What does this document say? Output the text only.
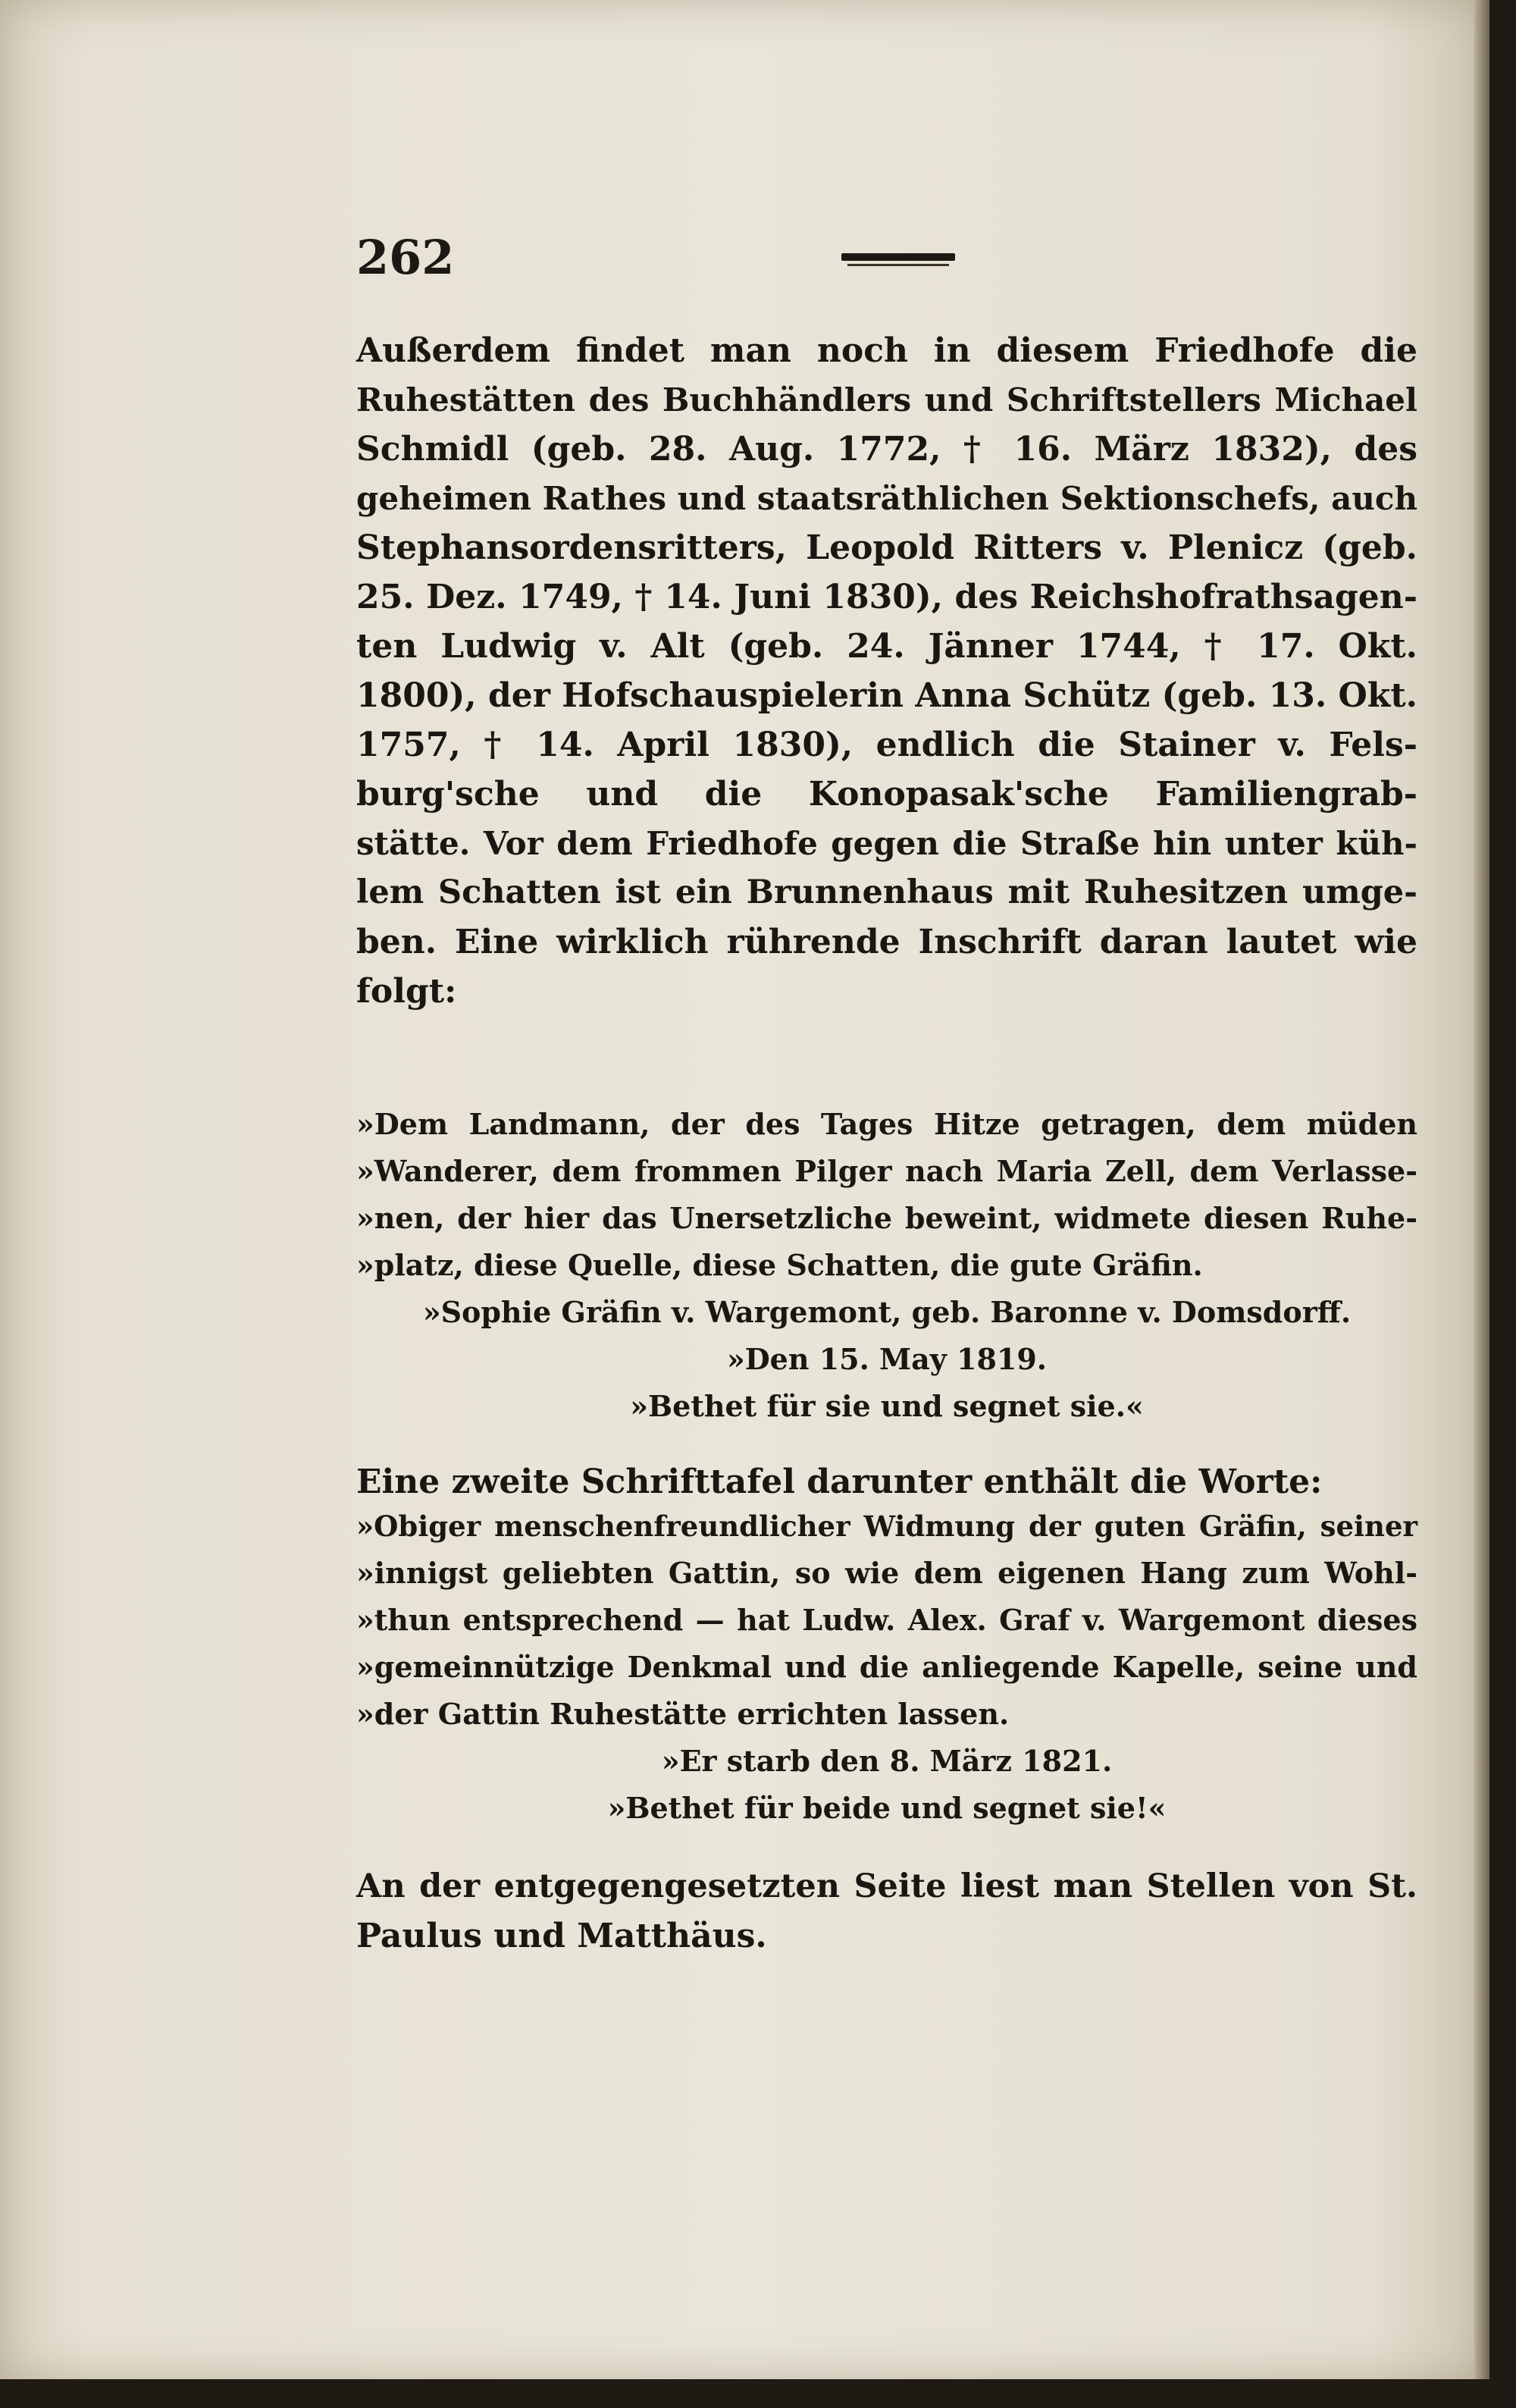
262
Außerdem findet man noch in diesem Friedhofe die
Ruhestätten des Buchhändlers und Schriftstellers Michael
Schmidl (geb. 28. Aug. 1772, † 16. März 1832), des
geheimen Rathes und staatsräthlichen Sektionschefs, auch
Stephansordensritters, Leopold Ritters v. Plenicz (geb.
25. Dez. 1749, † 14. Juni 1830), des Reichshofrathsagen-
ten Ludwig v. Alt (geb. 24. Jänner 1744, † 17. Okt.
1800), der Hofschauspielerin Anna Schütz (geb. 13. Okt.
1757, † 14. April 1830), endlich die Stainer v. Fels-
burg'sche und die Konopasak'sche Familiengrab-
stätte. Vor dem Friedhofe gegen die Straße hin unter küh-
lem Schatten ist ein Brunnenhaus mit Ruhesitzen umge-
ben. Eine wirklich rührende Inschrift daran lautet wie
folgt:
»Dem Landmann, der des Tages Hitze getragen, dem müden
»Wanderer, dem frommen Pilger nach Maria Zell, dem Verlasse-
»nen, der hier das Unersetzliche beweint, widmete diesen Ruhe-
»platz, diese Quelle, diese Schatten, die gute Gräfin.
»Sophie Gräfin v. Wargemont, geb. Baronne v. Domsdorff.
»Den 15. May 1819.
»Bethet für sie und segnet sie.«
Eine zweite Schrifttafel darunter enthält die Worte:
»Obiger menschenfreundlicher Widmung der guten Gräfin, seiner
»innigst geliebten Gattin, so wie dem eigenen Hang zum Wohl-
»thun entsprechend — hat Ludw. Alex. Graf v. Wargemont dieses
»gemeinnützige Denkmal und die anliegende Kapelle, seine und
»der Gattin Ruhestätte errichten lassen.
»Er starb den 8. März 1821.
»Bethet für beide und segnet sie!«
An der entgegengesetzten Seite liest man Stellen von St.
Paulus und Matthäus.
